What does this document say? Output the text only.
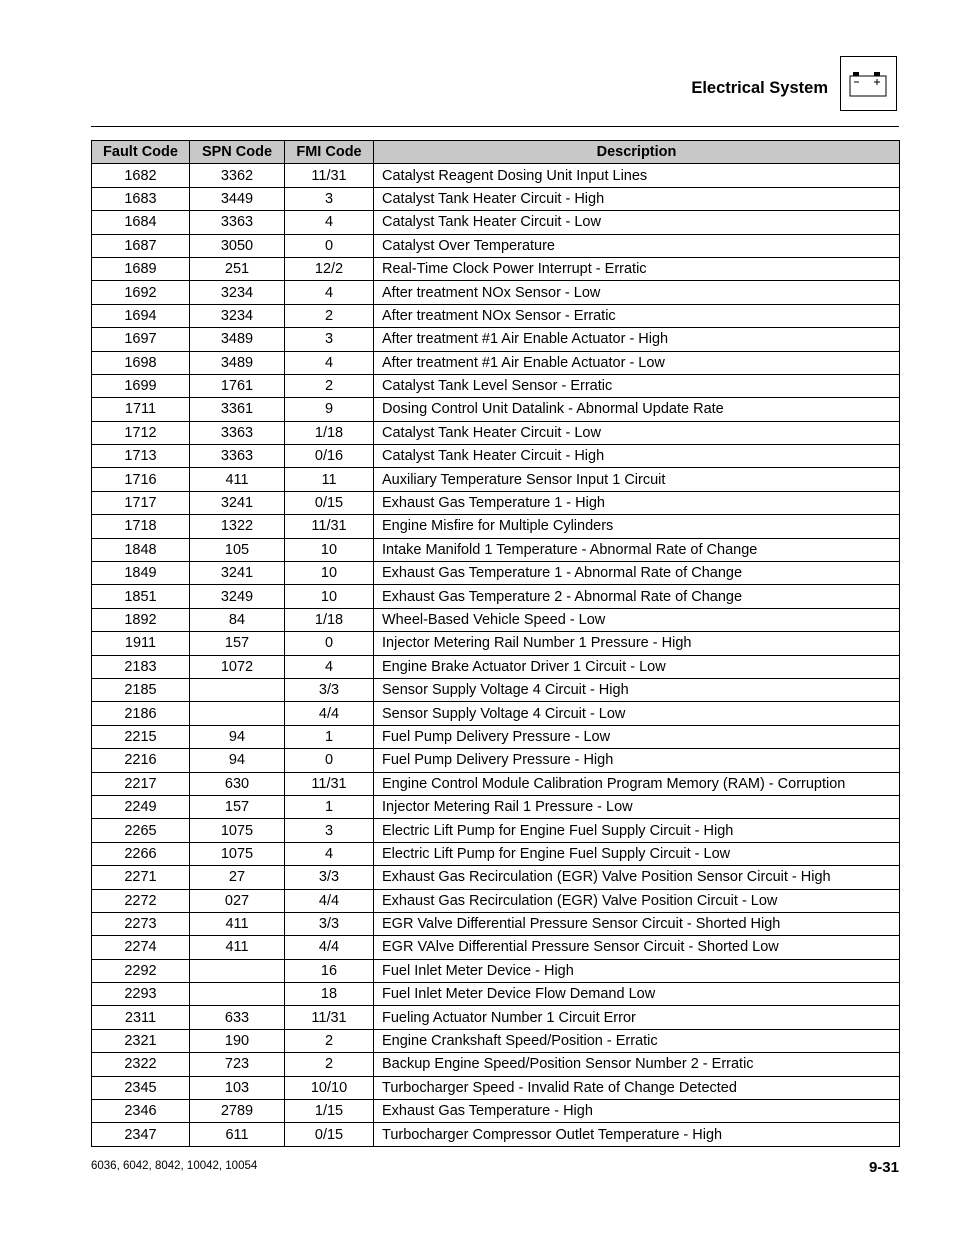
Electrical System
Fault Code	SPN Code	FMI Code	Description
1682	3362	11/31	Catalyst Reagent Dosing Unit Input Lines
1683	3449	3	Catalyst Tank Heater Circuit - High
1684	3363	4	Catalyst Tank Heater Circuit - Low
1687	3050	0	Catalyst Over Temperature
1689	251	12/2	Real-Time Clock Power Interrupt - Erratic
1692	3234	4	After treatment NOx Sensor - Low
1694	3234	2	After treatment NOx Sensor - Erratic
1697	3489	3	After treatment #1 Air Enable Actuator - High
1698	3489	4	After treatment #1 Air Enable Actuator - Low
1699	1761	2	Catalyst Tank Level Sensor - Erratic
1711	3361	9	Dosing Control Unit Datalink - Abnormal Update Rate
1712	3363	1/18	Catalyst Tank Heater Circuit - Low
1713	3363	0/16	Catalyst Tank Heater Circuit - High
1716	411	11	Auxiliary Temperature Sensor Input 1 Circuit
1717	3241	0/15	Exhaust Gas Temperature 1 - High
1718	1322	11/31	Engine Misfire for Multiple Cylinders
1848	105	10	Intake Manifold 1 Temperature - Abnormal Rate of Change
1849	3241	10	Exhaust Gas Temperature 1 - Abnormal Rate of Change
1851	3249	10	Exhaust Gas Temperature 2 - Abnormal Rate of Change
1892	84	1/18	Wheel-Based Vehicle Speed - Low
1911	157	0	Injector Metering Rail Number 1 Pressure - High
2183	1072	4	Engine Brake Actuator Driver 1 Circuit - Low
2185		3/3	Sensor Supply Voltage 4 Circuit - High
2186		4/4	Sensor Supply Voltage 4 Circuit - Low
2215	94	1	Fuel Pump Delivery Pressure - Low
2216	94	0	Fuel Pump Delivery Pressure - High
2217	630	11/31	Engine Control Module Calibration Program Memory (RAM) - Corruption
2249	157	1	Injector Metering Rail 1 Pressure - Low
2265	1075	3	Electric Lift Pump for Engine Fuel Supply Circuit - High
2266	1075	4	Electric Lift Pump for Engine Fuel Supply Circuit - Low
2271	27	3/3	Exhaust Gas Recirculation (EGR) Valve Position Sensor Circuit - High
2272	027	4/4	Exhaust Gas Recirculation (EGR) Valve Position Circuit - Low
2273	411	3/3	EGR Valve Differential Pressure Sensor Circuit - Shorted High
2274	411	4/4	EGR VAlve Differential Pressure Sensor Circuit - Shorted Low
2292		16	Fuel Inlet Meter Device - High
2293		18	Fuel Inlet Meter Device Flow Demand Low
2311	633	11/31	Fueling Actuator Number 1 Circuit Error
2321	190	2	Engine Crankshaft Speed/Position - Erratic
2322	723	2	Backup Engine Speed/Position Sensor Number 2 - Erratic
2345	103	10/10	Turbocharger Speed - Invalid Rate of Change Detected
2346	2789	1/15	Exhaust Gas Temperature - High
2347	611	0/15	Turbocharger Compressor Outlet Temperature - High
6036, 6042, 8042, 10042, 10054	9-31
